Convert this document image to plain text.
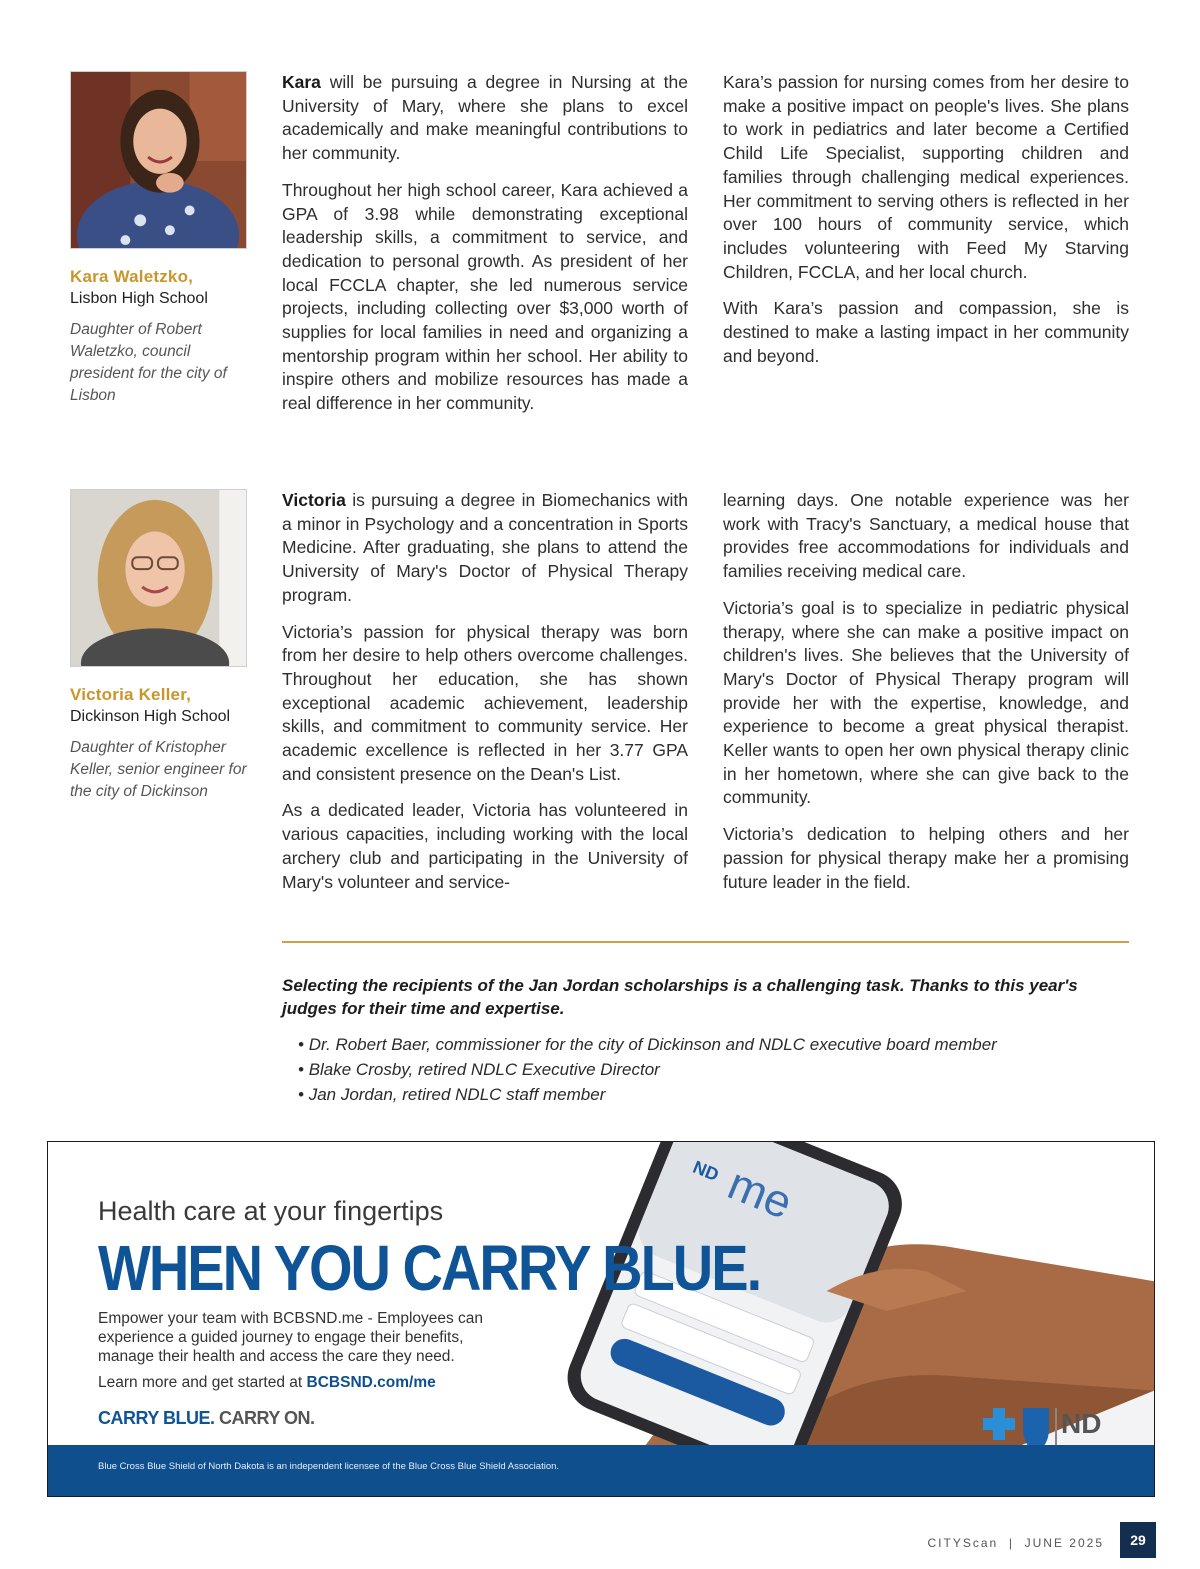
Kara Waletzko,
Lisbon High School
Daughter of Robert Waletzko, council president for the city of Lisbon

Kara will be pursuing a degree in Nursing at the University of Mary, where she plans to excel academically and make meaningful contributions to her community.

Throughout her high school career, Kara achieved a GPA of 3.98 while demonstrating exceptional leadership skills, a commitment to service, and dedication to personal growth. As president of her local FCCLA chapter, she led numerous service projects, including collecting over $3,000 worth of supplies for local families in need and organizing a mentorship program within her school. Her ability to inspire others and mobilize resources has made a real difference in her community.

Kara’s passion for nursing comes from her desire to make a positive impact on people's lives. She plans to work in pediatrics and later become a Certified Child Life Specialist, supporting children and families through challenging medical experiences. Her commitment to serving others is reflected in her over 100 hours of community service, which includes volunteering with Feed My Starving Children, FCCLA, and her local church.

With Kara’s passion and compassion, she is destined to make a lasting impact in her community and beyond.

Victoria Keller,
Dickinson High School
Daughter of Kristopher Keller, senior engineer for the city of Dickinson

Victoria is pursuing a degree in Biomechanics with a minor in Psychology and a concentration in Sports Medicine. After graduating, she plans to attend the University of Mary's Doctor of Physical Therapy program.

Victoria’s passion for physical therapy was born from her desire to help others overcome challenges. Throughout her education, she has shown exceptional academic achievement, leadership skills, and commitment to community service. Her academic excellence is reflected in her 3.77 GPA and consistent presence on the Dean's List.

As a dedicated leader, Victoria has volunteered in various capacities, including working with the local archery club and participating in the University of Mary's volunteer and service-

learning days. One notable experience was her work with Tracy's Sanctuary, a medical house that provides free accommodations for individuals and families receiving medical care.

Victoria’s goal is to specialize in pediatric physical therapy, where she can make a positive impact on children's lives. She believes that the University of Mary's Doctor of Physical Therapy program will provide her with the expertise, knowledge, and experience to become a great physical therapist. Keller wants to open her own physical therapy clinic in her hometown, where she can give back to the community.

Victoria’s dedication to helping others and her passion for physical therapy make her a promising future leader in the field.

Selecting the recipients of the Jan Jordan scholarships is a challenging task. Thanks to this year's judges for their time and expertise.
• Dr. Robert Baer, commissioner for the city of Dickinson and NDLC executive board member
• Blake Crosby, retired NDLC Executive Director
• Jan Jordan, retired NDLC staff member
ND me
ND
Health care at your fingertips
WHEN YOU CARRY BLUE.
Empower your team with BCBSND.me - Employees can experience a guided journey to engage their benefits, manage their health and access the care they need.
Learn more and get started at BCBSND.com/me
CARRY BLUE. CARRY ON.
Blue Cross Blue Shield of North Dakota is an independent licensee of the Blue Cross Blue Shield Association.
CITYScan  |  JUNE 2025	29
